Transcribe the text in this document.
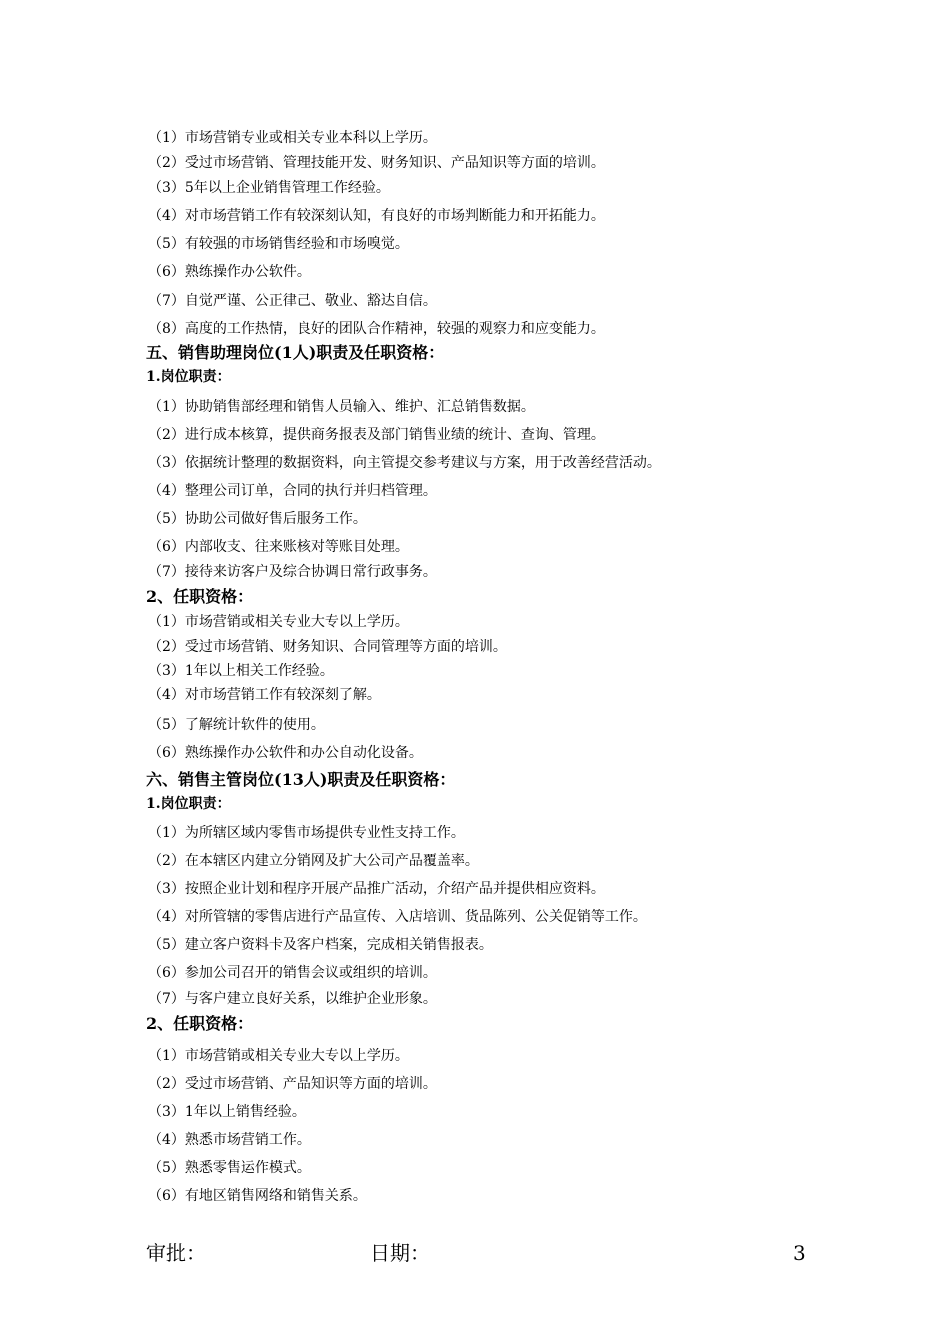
（1）市场营销专业或相关专业本科以上学历。
（2）受过市场营销、管理技能开发、财务知识、产品知识等方面的培训。
（3）5年以上企业销售管理工作经验。
（4）对市场营销工作有较深刻认知，有良好的市场判断能力和开拓能力。
（5）有较强的市场销售经验和市场嗅觉。
（6）熟练操作办公软件。
（7）自觉严谨、公正律己、敬业、豁达自信。
（8）高度的工作热情，良好的团队合作精神，较强的观察力和应变能力。
五、销售助理岗位(1人)职责及任职资格：
1.岗位职责：
（1）协助销售部经理和销售人员输入、维护、汇总销售数据。
（2）进行成本核算，提供商务报表及部门销售业绩的统计、查询、管理。
（3）依据统计整理的数据资料，向主管提交参考建议与方案，用于改善经营活动。
（4）整理公司订单，合同的执行并归档管理。
（5）协助公司做好售后服务工作。
（6）内部收支、往来账核对等账目处理。
（7）接待来访客户及综合协调日常行政事务。
2、任职资格：
（1）市场营销或相关专业大专以上学历。
（2）受过市场营销、财务知识、合同管理等方面的培训。
（3）1年以上相关工作经验。
（4）对市场营销工作有较深刻了解。
（5）了解统计软件的使用。
（6）熟练操作办公软件和办公自动化设备。
六、销售主管岗位(13人)职责及任职资格：
1.岗位职责：
（1）为所辖区域内零售市场提供专业性支持工作。
（2）在本辖区内建立分销网及扩大公司产品覆盖率。
（3）按照企业计划和程序开展产品推广活动，介绍产品并提供相应资料。
（4）对所管辖的零售店进行产品宣传、入店培训、货品陈列、公关促销等工作。
（5）建立客户资料卡及客户档案，完成相关销售报表。
（6）参加公司召开的销售会议或组织的培训。
（7）与客户建立良好关系，以维护企业形象。
2、任职资格：
（1）市场营销或相关专业大专以上学历。
（2）受过市场营销、产品知识等方面的培训。
（3）1年以上销售经验。
（4）熟悉市场营销工作。
（5）熟悉零售运作模式。
（6）有地区销售网络和销售关系。
审批：	日期：	3
